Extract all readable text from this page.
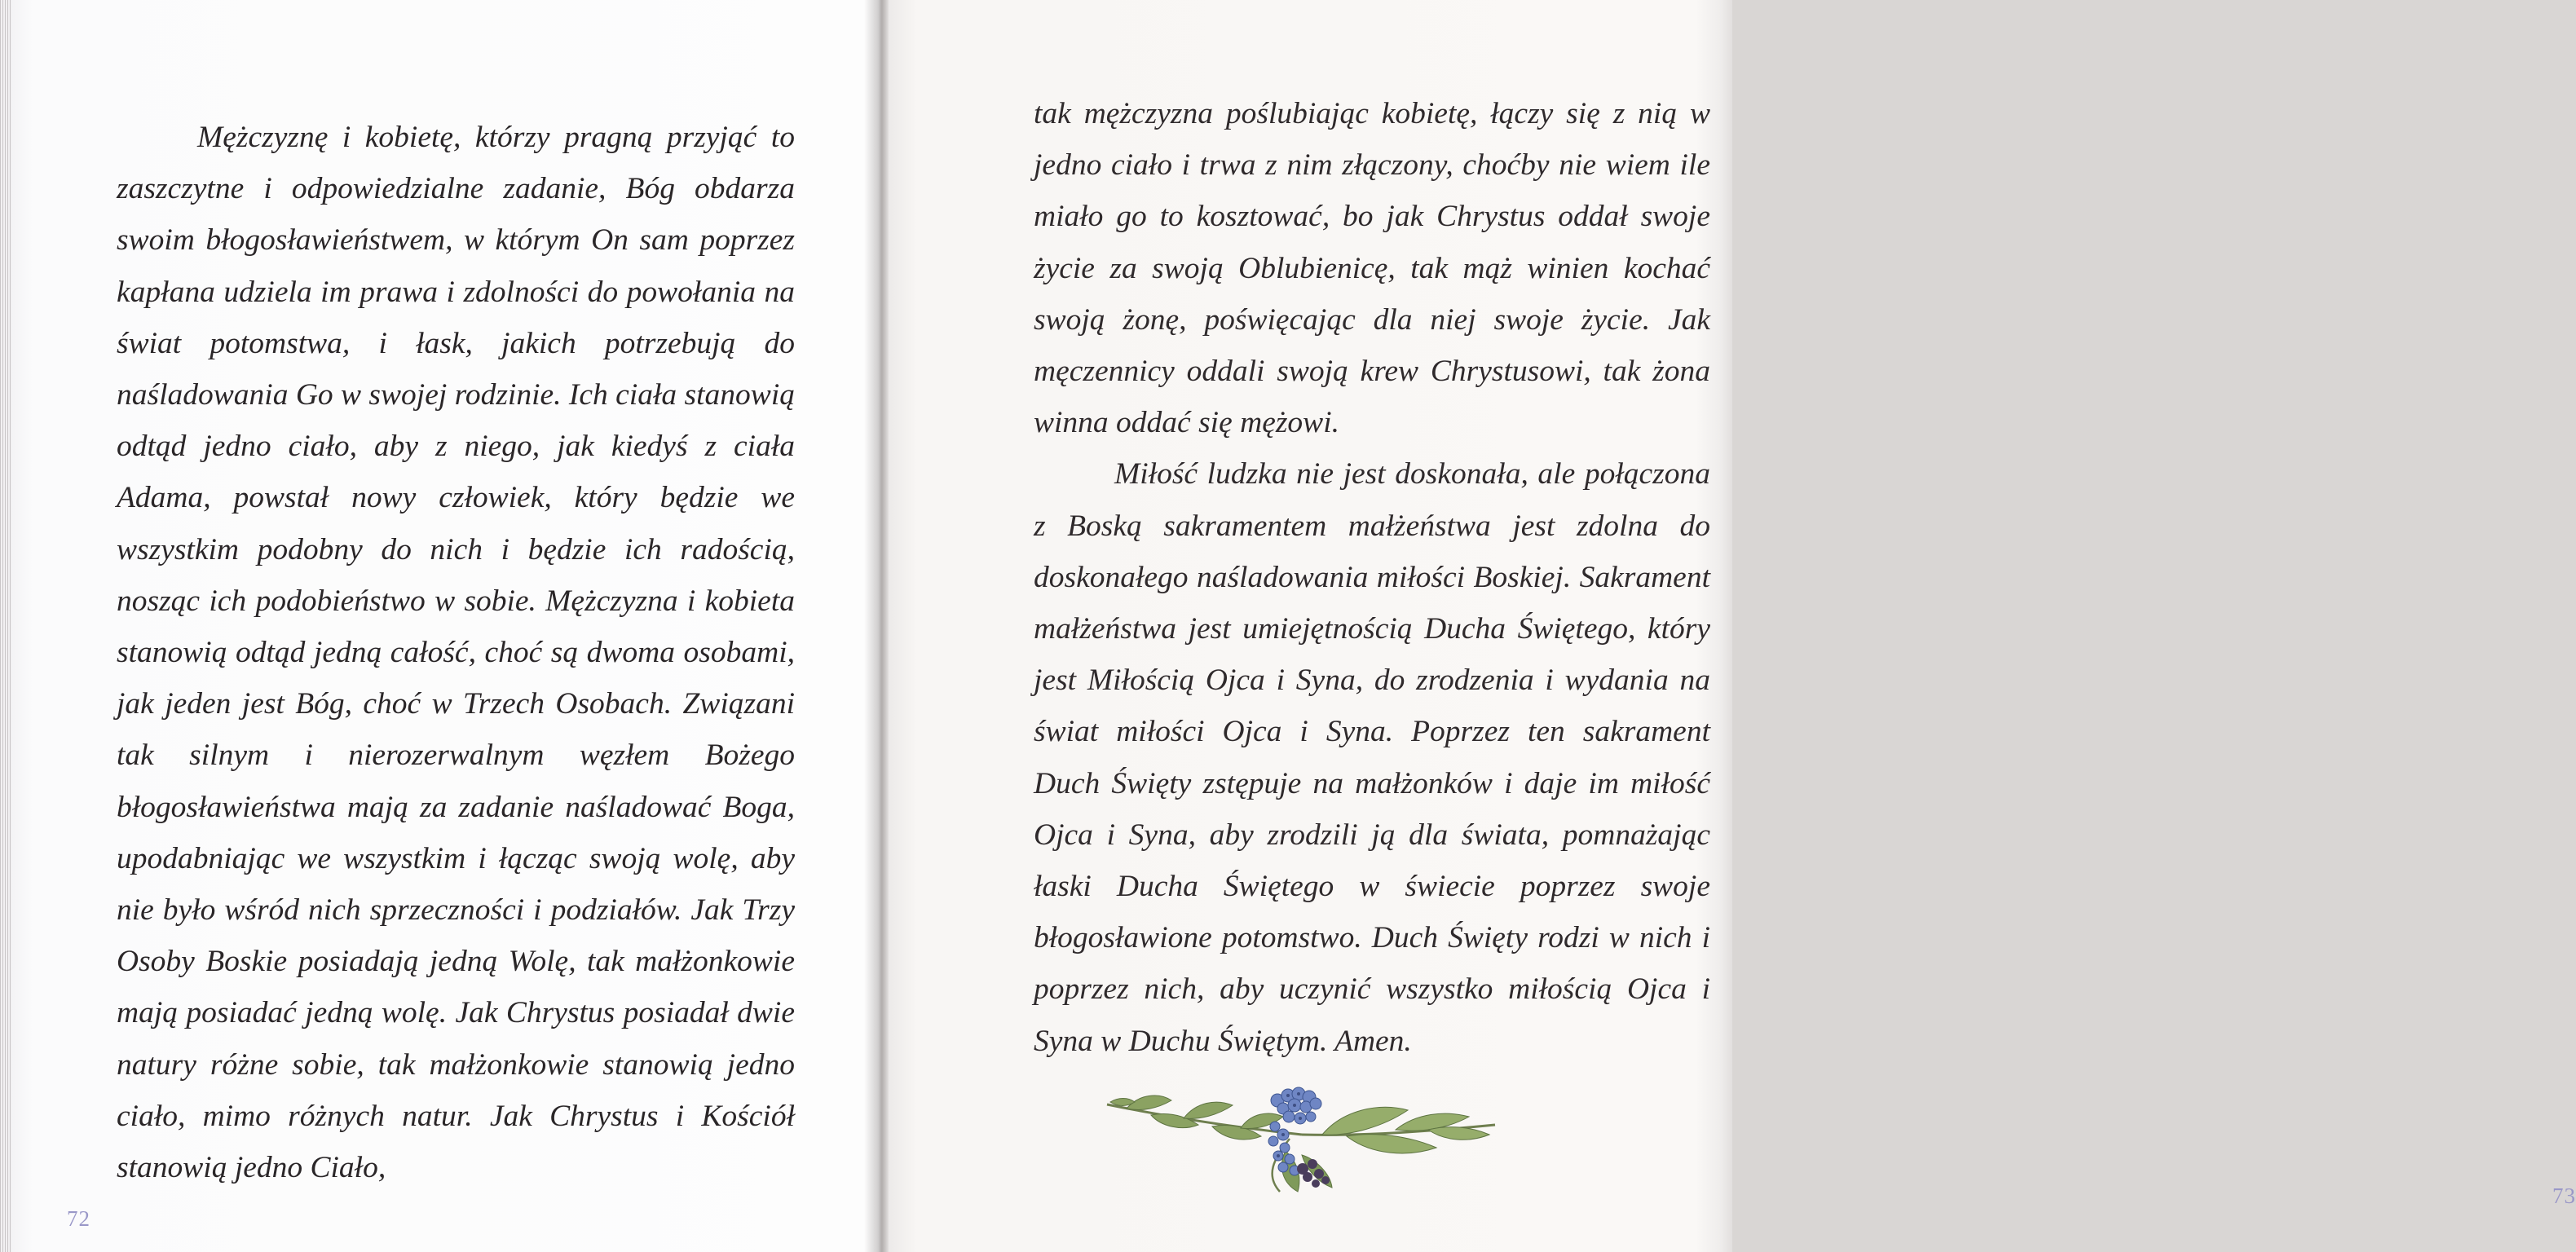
Mężczyznę i kobietę, którzy pragną przyjąć to zaszczytne i odpowiedzialne zadanie, Bóg obdarza swoim błogosławieństwem, w którym On sam poprzez kapłana udziela im prawa i zdolności do powołania na świat potomstwa, i łask, jakich potrzebują do naśladowania Go w swojej rodzinie. Ich ciała stanowią odtąd jedno ciało, aby z niego, jak kiedyś z ciała Adama, powstał nowy człowiek, który będzie we wszystkim podobny do nich i będzie ich radością, nosząc ich podobieństwo w sobie. Mężczyzna i kobieta stanowią odtąd jedną całość, choć są dwoma osobami, jak jeden jest Bóg, choć w Trzech Osobach. Związani tak silnym i nierozerwalnym węzłem Bożego błogosławieństwa mają za zadanie naśladować Boga, upodabniając we wszystkim i łącząc swoją wolę, aby nie było wśród nich sprzeczności i podziałów. Jak Trzy Osoby Boskie posiadają jedną Wolę, tak małżonkowie mają posiadać jedną wolę. Jak Chrystus posiadał dwie natury różne sobie, tak małżonkowie stanowią jedno ciało, mimo różnych natur. Jak Chrystus i Kościół stanowią jedno Ciało,

72

tak mężczyzna poślubiając kobietę, łączy się z nią w jedno ciało i trwa z nim złączony, choćby nie wiem ile miało go to kosztować, bo jak Chrystus oddał swoje życie za swoją Oblubienicę, tak mąż winien kochać swoją żonę, poświęcając dla niej swoje życie. Jak męczennicy oddali swoją krew Chrystusowi, tak żona winna oddać się mężowi.

Miłość ludzka nie jest doskonała, ale połączona z Boską sakramentem małżeństwa jest zdolna do doskonałego naśladowania miłości Boskiej. Sakrament małżeństwa jest umiejętnością Ducha Świętego, który jest Miłością Ojca i Syna, do zrodzenia i wydania na świat miłości Ojca i Syna. Poprzez ten sakrament Duch Święty zstępuje na małżonków i daje im miłość Ojca i Syna, aby zrodzili ją dla świata, pomnażając łaski Ducha Świętego w świecie poprzez swoje błogosławione potomstwo. Duch Święty rodzi w nich i poprzez nich, aby uczynić wszystko miłością Ojca i Syna w Duchu Świętym. Amen.

73
